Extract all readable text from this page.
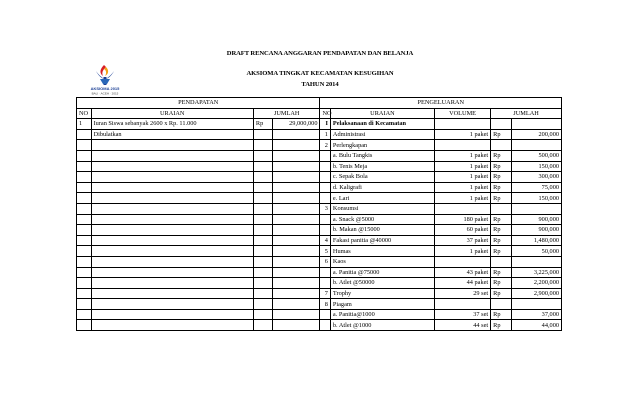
AKSIOMA 2015
BALI · ACEH · 2015
DRAFT RENCANA ANGGARAN PENDAPATAN DAN BELANJA
AKSIOMA TINGKAT KECAMATAN KESUGIHAN
TAHUN 2014
PENDAPATAN				PENGELUARAN				
NO	URAIAN	JUMLAH		NO	URAIAN	VOLUME	JUMLAH	
1	Iuran Siswa sebanyak 2600 x Rp. 11.000	Rp	29,000,000	I	Pelaksanaan di Kecamatan			
	Dibulatkan			1	Administrasi	1 paket	Rp	200,000
				2	Perlengkapan			
					a. Bulu Tangkis	1 paket	Rp	500,000
					b. Tenis Meja	1 paket	Rp	150,000
					c. Sepak Bola	1 paket	Rp	300,000
					d. Kaligrafi	1 paket	Rp	75,000
					e. Lari	1 paket	Rp	150,000
				3	Konsumsi			
					a. Snack @5000	180 paket	Rp	900,000
					b. Makan @15000	60 paket	Rp	900,000
				4	Fakasi panitia @40000	37 paket	Rp	1,480,000
				5	Humas	1 paket	Rp	50,000
				6	Kaos			
					a. Panitia @75000	43 paket	Rp	3,225,000
					b. Atlet @50000	44 paket	Rp	2,200,000
				7	Trophy	29 set	Rp	2,900,000
				8	Piagam			
					a. Panitia@1000	37 set	Rp	37,000
					b. Atlet @1000	44 set	Rp	44,000
